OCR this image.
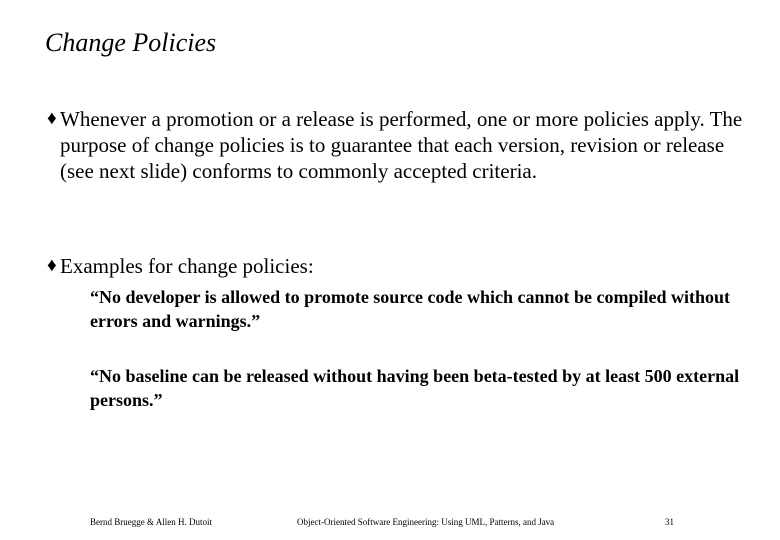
Change Policies
♦ Whenever a promotion or a release is performed, one or more policies apply. The purpose of change policies is to guarantee that each version, revision or release (see next slide) conforms to commonly accepted criteria.
♦ Examples for change policies:
“No developer is allowed to promote source code which cannot be compiled without errors and warnings.”
“No baseline can be released without having been beta-tested by at least 500 external persons.”
Bernd Bruegge & Allen H. Dutoit	Object-Oriented Software Engineering: Using UML, Patterns, and Java	31
